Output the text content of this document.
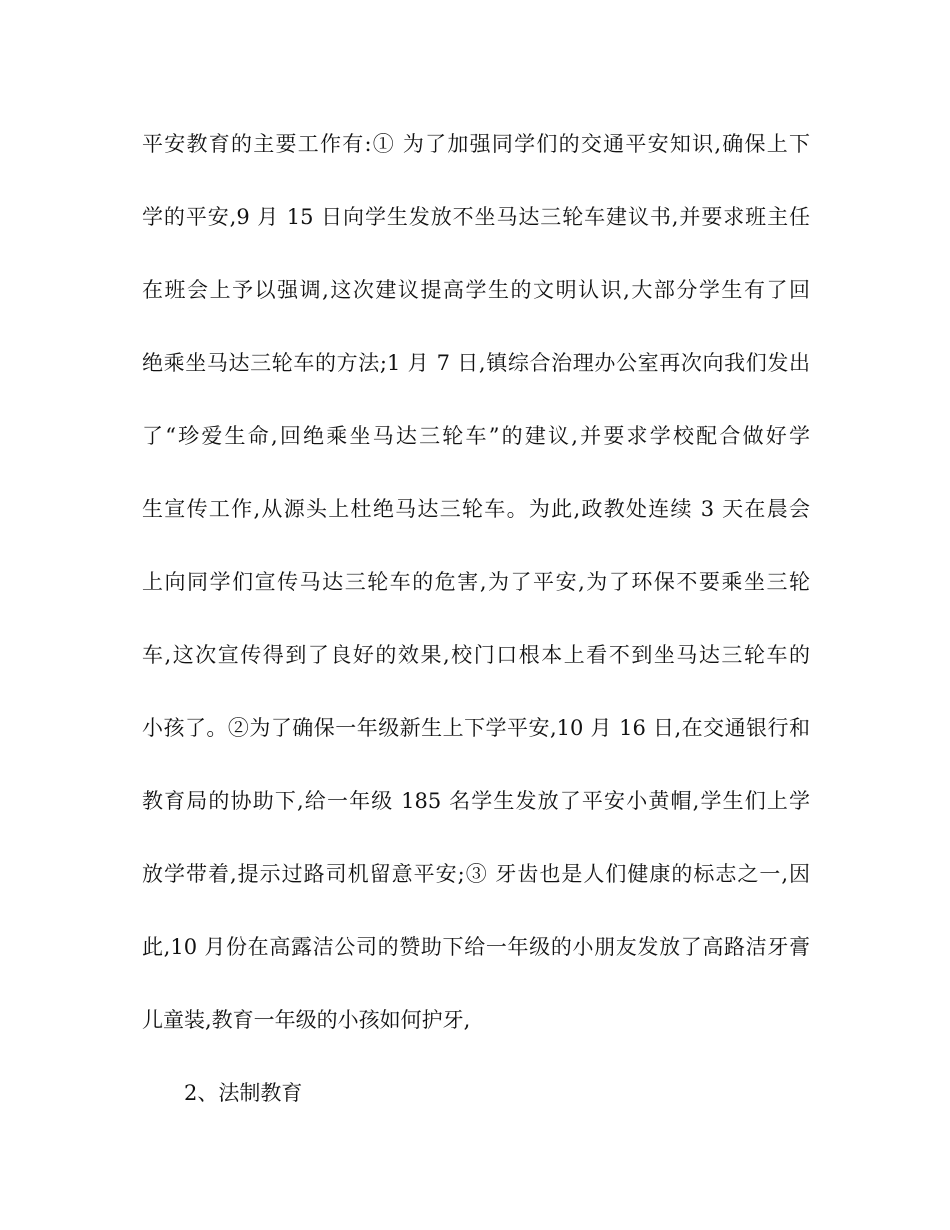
平安教育的主要工作有:① 为了加强同学们的交通平安知识,确保上下
学的平安,9 月 15 日向学生发放不坐马达三轮车建议书,并要求班主任
在班会上予以强调,这次建议提高学生的文明认识,大部分学生有了回
绝乘坐马达三轮车的方法;1 月 7 日,镇综合治理办公室再次向我们发出
了“珍爱生命,回绝乘坐马达三轮车”的建议,并要求学校配合做好学
生宣传工作,从源头上杜绝马达三轮车。为此,政教处连续 3 天在晨会
上向同学们宣传马达三轮车的危害,为了平安,为了环保不要乘坐三轮
车,这次宣传得到了良好的效果,校门口根本上看不到坐马达三轮车的
小孩了。②为了确保一年级新生上下学平安,10 月 16 日,在交通银行和
教育局的协助下,给一年级 185 名学生发放了平安小黄帽,学生们上学
放学带着,提示过路司机留意平安;③ 牙齿也是人们健康的标志之一,因
此,10 月份在高露洁公司的赞助下给一年级的小朋友发放了高路洁牙膏
儿童装,教育一年级的小孩如何护牙,
2、法制教育
